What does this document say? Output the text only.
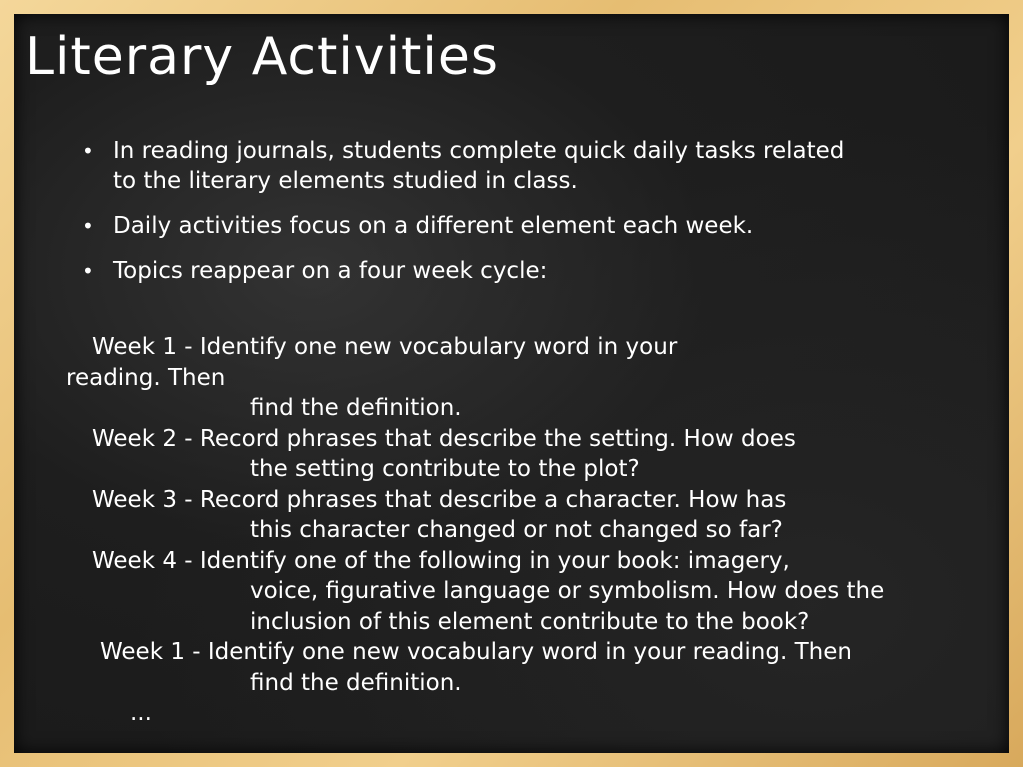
Literary Activities
• In reading journals, students complete quick daily tasks related
to the literary elements studied in class.
• Daily activities focus on a different element each week.
• Topics reappear on a four week cycle:
Week 1 - Identify one new vocabulary word in your
reading. Then
find the definition.
Week 2 - Record phrases that describe the setting. How does
the setting contribute to the plot?
Week 3 - Record phrases that describe a character. How has
this character changed or not changed so far?
Week 4 - Identify one of the following in your book: imagery,
voice, figurative language or symbolism. How does the
inclusion of this element contribute to the book?
Week 1 - Identify one new vocabulary word in your reading. Then
find the definition.
...
